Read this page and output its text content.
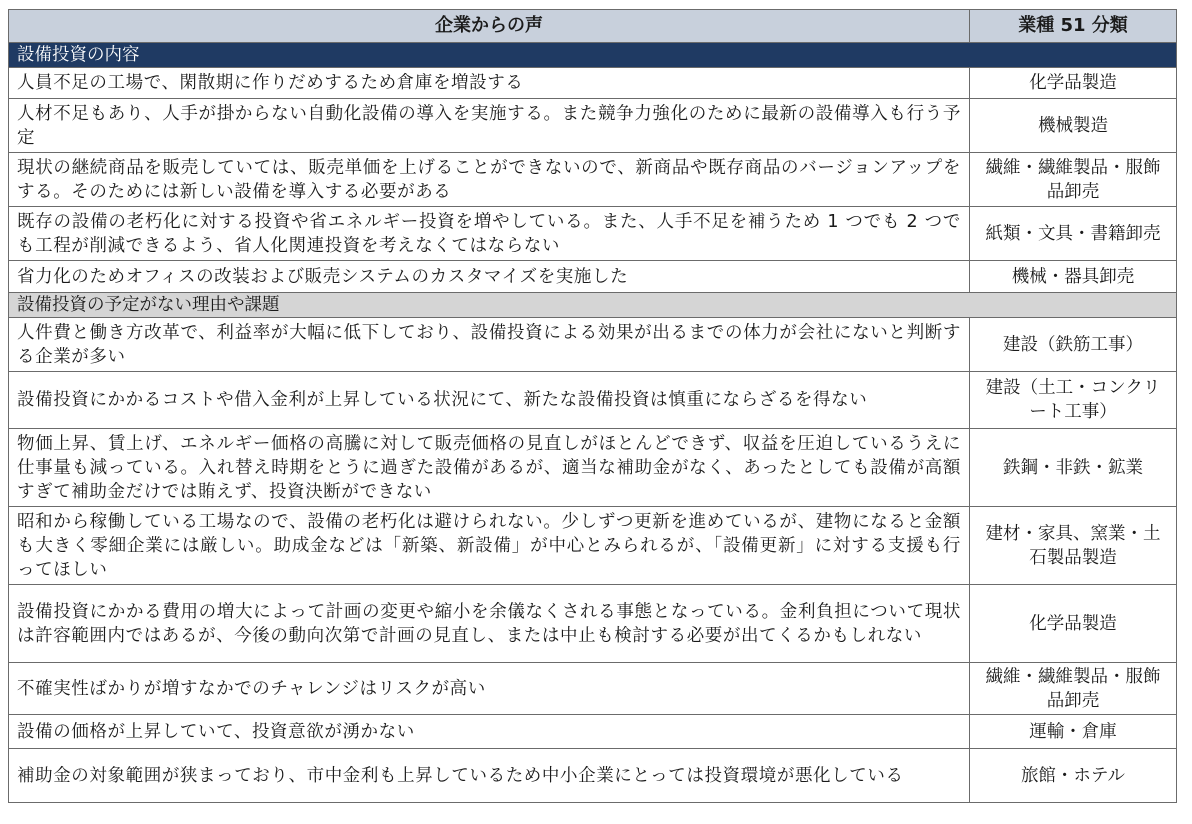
企業からの声	業種 51 分類
設備投資の内容	
人員不足の工場で、閑散期に作りだめするため倉庫を増設する	化学品製造
人材不足もあり、人手が掛からない自動化設備の導入を実施する。また競争力強化のために最新の設備導入も行う予定	機械製造
現状の継続商品を販売していては、販売単価を上げることができないので、新商品や既存商品のバージョンアップをする。そのためには新しい設備を導入する必要がある	繊維・繊維製品・服飾品卸売
既存の設備の老朽化に対する投資や省エネルギー投資を増やしている。また、人手不足を補うため 1 つでも 2 つでも工程が削減できるよう、省人化関連投資を考えなくてはならない	紙類・文具・書籍卸売
省力化のためオフィスの改装および販売システムのカスタマイズを実施した	機械・器具卸売
設備投資の予定がない理由や課題	
人件費と働き方改革で、利益率が大幅に低下しており、設備投資による効果が出るまでの体力が会社にないと判断する企業が多い	建設（鉄筋工事）
設備投資にかかるコストや借入金利が上昇している状況にて、新たな設備投資は慎重にならざるを得ない	建設（土工・コンクリート工事）
物価上昇、賃上げ、エネルギー価格の高騰に対して販売価格の見直しがほとんどできず、収益を圧迫しているうえに仕事量も減っている。入れ替え時期をとうに過ぎた設備があるが、適当な補助金がなく、あったとしても設備が高額すぎて補助金だけでは賄えず、投資決断ができない	鉄鋼・非鉄・鉱業
昭和から稼働している工場なので、設備の老朽化は避けられない。少しずつ更新を進めているが、建物になると金額も大きく零細企業には厳しい。助成金などは「新築、新設備」が中心とみられるが、「設備更新」に対する支援も行ってほしい	建材・家具、窯業・土石製品製造
設備投資にかかる費用の増大によって計画の変更や縮小を余儀なくされる事態となっている。金利負担について現状は許容範囲内ではあるが、今後の動向次第で計画の見直し、または中止も検討する必要が出てくるかもしれない	化学品製造
不確実性ばかりが増すなかでのチャレンジはリスクが高い	繊維・繊維製品・服飾品卸売
設備の価格が上昇していて、投資意欲が湧かない	運輸・倉庫
補助金の対象範囲が狭まっており、市中金利も上昇しているため中小企業にとっては投資環境が悪化している	旅館・ホテル
